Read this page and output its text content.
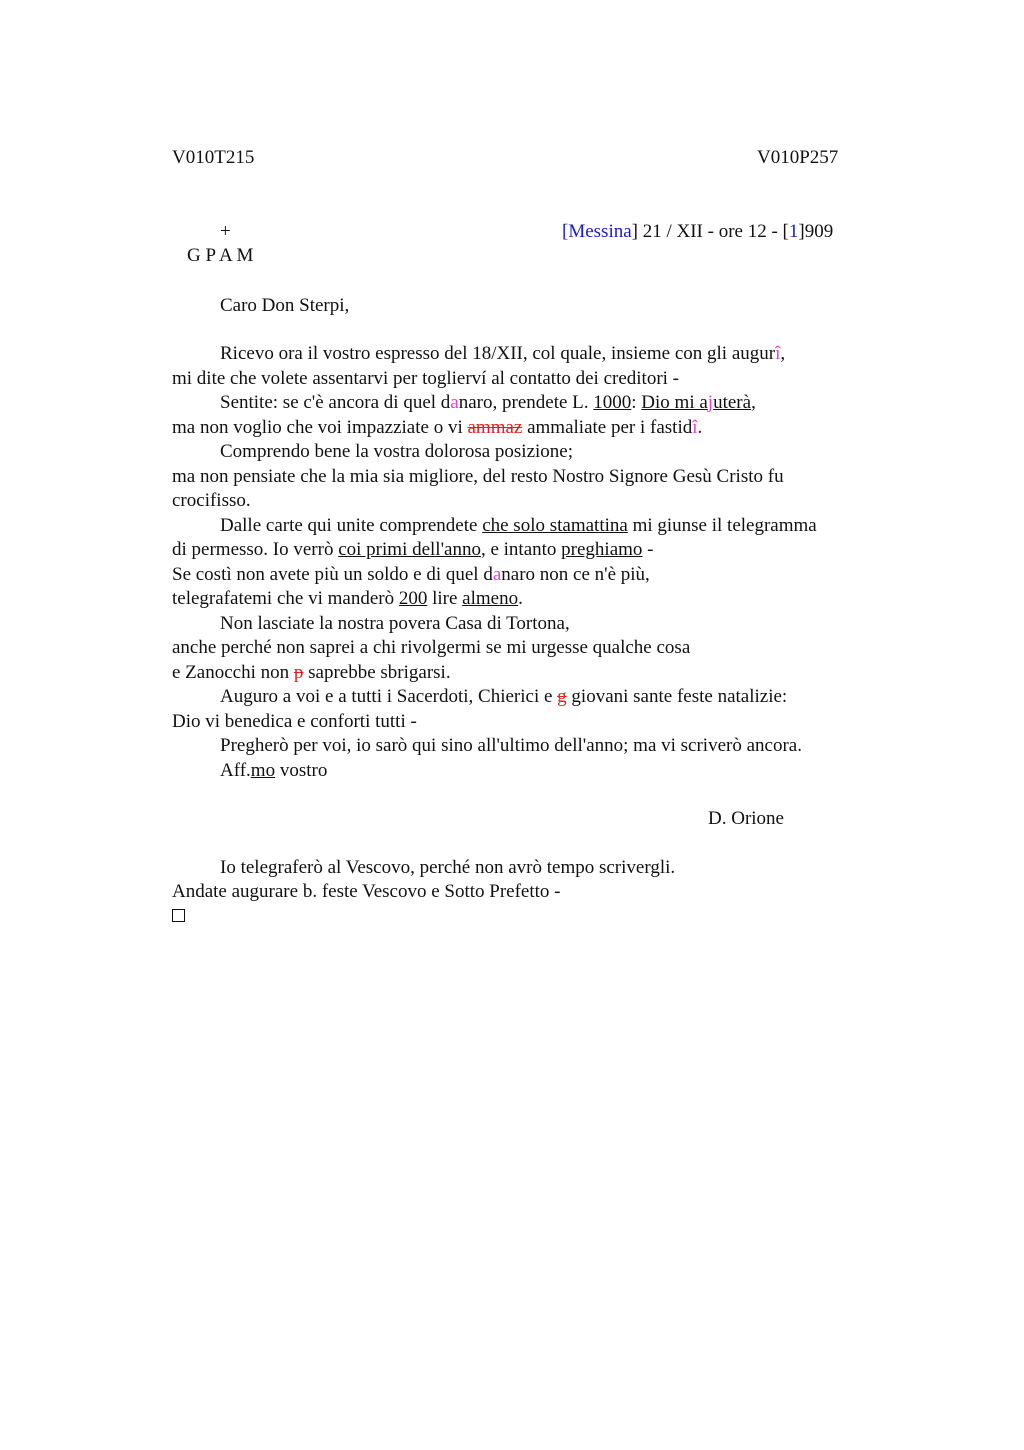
V010T215	V010P257
+
G P A M
[Messina] 21 / XII - ore 12 - [1]909
Caro Don Sterpi,
Ricevo ora il vostro espresso del 18/XII, col quale, insieme con gli augurî,
mi dite che volete assentarvi per toglierví al contatto dei creditori -
Sentite: se c'è ancora di quel danaro, prendete L. 1000: Dio mi ajuterà,
ma non voglio che voi impazziate o vi ammaz ammaliate per i fastidî.
Comprendo bene la vostra dolorosa posizione;
ma non pensiate che la mia sia migliore, del resto Nostro Signore Gesù Cristo fu
crocifisso.
Dalle carte qui unite comprendete che solo stamattina mi giunse il telegramma
di permesso. Io verrò coi primi dell'anno, e intanto preghiamo -
Se costì non avete più un soldo e di quel danaro non ce n'è più,
telegrafatemi che vi manderò 200 lire almeno.
Non lasciate la nostra povera Casa di Tortona,
anche perché non saprei a chi rivolgermi se mi urgesse qualche cosa
e Zanocchi non p saprebbe sbrigarsi.
Auguro a voi e a tutti i Sacerdoti, Chierici e g giovani sante feste natalizie:
Dio vi benedica e conforti tutti -
Pregherò per voi, io sarò qui sino all'ultimo dell'anno; ma vi scriverò ancora.
Aff.mo vostro
D. Orione
Io telegraferò al Vescovo, perché non avrò tempo scrivergli.
Andate augurare b. feste Vescovo e Sotto Prefetto -
